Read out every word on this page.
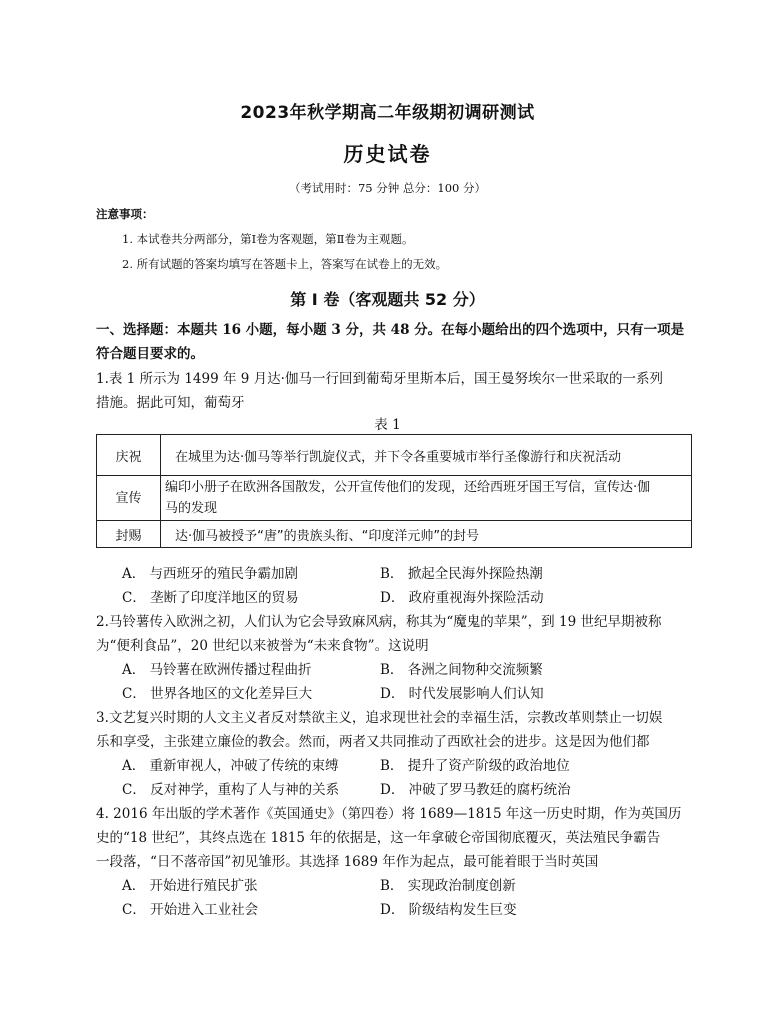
2023年秋学期高二年级期初调研测试
历史试卷
（考试用时：75 分钟 总分：100 分）
注意事项：
1. 本试卷共分两部分，第Ⅰ卷为客观题，第Ⅱ卷为主观题。
2. 所有试题的答案均填写在答题卡上，答案写在试卷上的无效。
第 Ⅰ 卷（客观题共 52 分）
一、选择题：本题共 16 小题，每小题 3 分，共 48 分。在每小题给出的四个选项中，只有一项是
符合题目要求的。
1.表 1 所示为 1499 年 9 月达·伽马一行回到葡萄牙里斯本后，国王曼努埃尔一世采取的一系列
措施。据此可知，葡萄牙
表 1
庆祝	在城里为达·伽马等举行凯旋仪式，并下令各重要城市举行圣像游行和庆祝活动
宣传	编印小册子在欧洲各国散发，公开宣传他们的发现，还给西班牙国王写信，宣传达·伽
马的发现

封赐	达·伽马被授予“唐”的贵族头衔、“印度洋元帅”的封号
A． 与西班牙的殖民争霸加剧	B． 掀起全民海外探险热潮
C． 垄断了印度洋地区的贸易	D． 政府重视海外探险活动
2.马铃薯传入欧洲之初，人们认为它会导致麻风病，称其为“魔鬼的苹果”，到 19 世纪早期被称
为“便利食品”，20 世纪以来被誉为“未来食物”。这说明
A． 马铃薯在欧洲传播过程曲折	B． 各洲之间物种交流频繁
C． 世界各地区的文化差异巨大	D． 时代发展影响人们认知
3.文艺复兴时期的人文主义者反对禁欲主义，追求现世社会的幸福生活，宗教改革则禁止一切娱
乐和享受，主张建立廉俭的教会。然而，两者又共同推动了西欧社会的进步。这是因为他们都
A． 重新审视人，冲破了传统的束缚	B． 提升了资产阶级的政治地位
C． 反对神学，重构了人与神的关系	D． 冲破了罗马教廷的腐朽统治
4. 2016 年出版的学术著作《英国通史》（第四卷）将 1689—1815 年这一历史时期，作为英国历
史的“18 世纪”，其终点选在 1815 年的依据是，这一年拿破仑帝国彻底覆灭，英法殖民争霸告
一段落，“日不落帝国”初见雏形。其选择 1689 年作为起点，最可能着眼于当时英国
A． 开始进行殖民扩张	B． 实现政治制度创新
C． 开始进入工业社会	D． 阶级结构发生巨变
